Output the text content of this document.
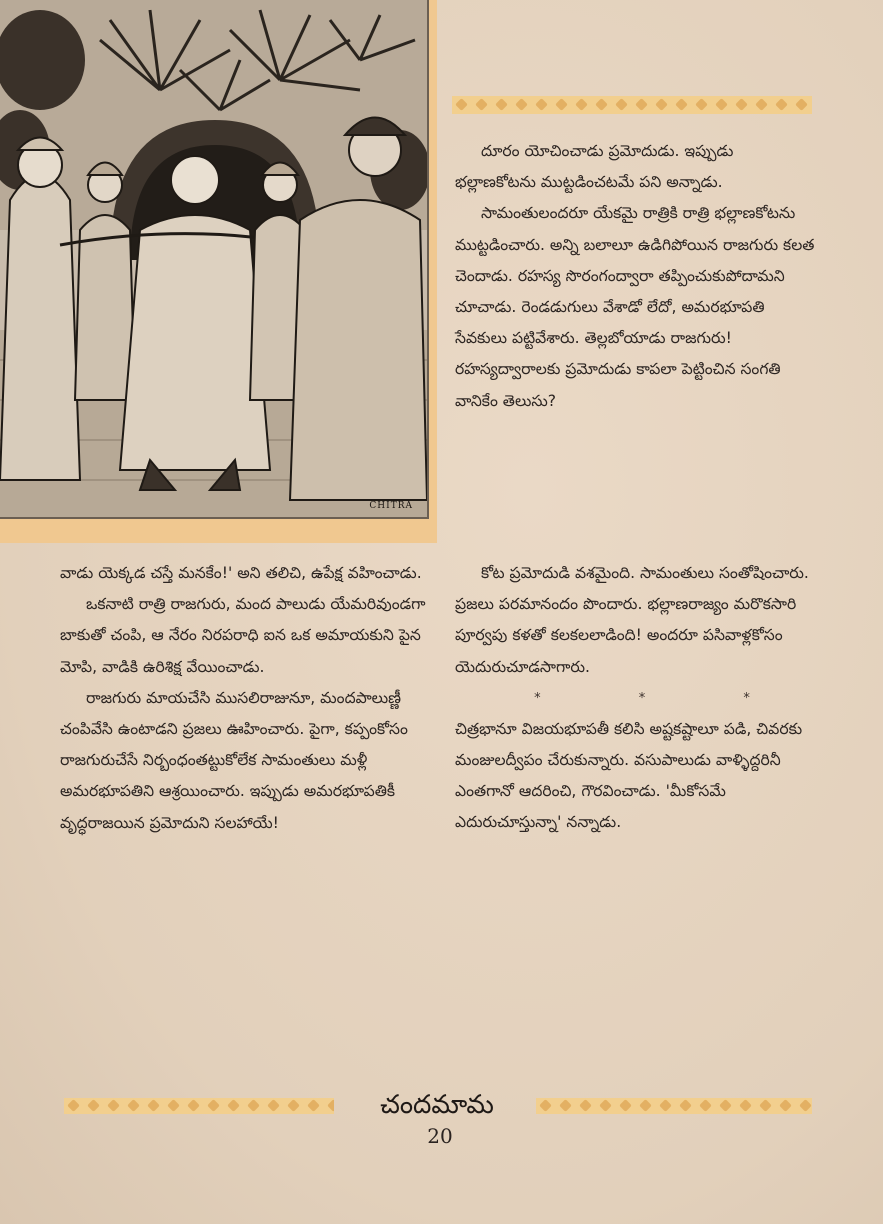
CHITRA

దూరం యోచించాడు ప్రమోదుడు. ఇప్పుడు భల్లాణకోటను ముట్టడించటమే పని అన్నాడు.

సామంతులందరూ యేకమై రాత్రికి రాత్రి భల్లాణకోటను ముట్టడించారు. అన్ని బలాలూ ఉడిగిపోయిన రాజగురు కలత చెందాడు. రహస్య సొరంగంద్వారా తప్పించుకుపోదామని చూచాడు. రెండడుగులు వేశాడో లేదో, అమరభూపతి సేవకులు పట్టివేశారు. తెల్లబోయాడు రాజగురు! రహస్యద్వారాలకు ప్రమోదుడు కాపలా పెట్టించిన సంగతి వానికేం తెలుసు?

వాడు యెక్కడ చస్తే మనకేం!' అని తలిచి, ఉపేక్ష వహించాడు.

ఒకనాటి రాత్రి రాజగురు, మంద పాలుడు యేమరివుండగా బాకుతో చంపి, ఆ నేరం నిరపరాధి ఐన ఒక అమాయకుని పైన మోపి, వాడికి ఉరిశిక్ష వేయించాడు.

రాజగురు మాయచేసి ముసలిరాజునూ, మందపాలుణ్ణీ చంపివేసి ఉంటాడని ప్రజలు ఊహించారు. పైగా, కప్పంకోసం రాజగురుచేసే నిర్బంధంతట్టుకోలేక సామంతులు మళ్లీ అమరభూపతిని ఆశ్రయించారు. ఇప్పుడు అమరభూపతికీ వృద్ధరాజయిన ప్రమోదుని సలహాయే!

కోట ప్రమోదుడి వశమైంది. సామంతులు సంతోషించారు. ప్రజలు పరమానందం పొందారు. భల్లాణరాజ్యం మరొకసారి పూర్వపు కళతో కలకలలాడింది! అందరూ పసివాళ్లకోసం యెదురుచూడసాగారు.

*	*	*

చిత్రభానూ విజయభూపతీ కలిసి అష్టకష్టాలూ పడి, చివరకు మంజులద్వీపం చేరుకున్నారు. వసుపాలుడు వాళ్ళిద్దరినీ ఎంతగానో ఆదరించి, గౌరవించాడు. 'మీకోసమే ఎదురుచూస్తున్నా' నన్నాడు.

చందమామ
20
